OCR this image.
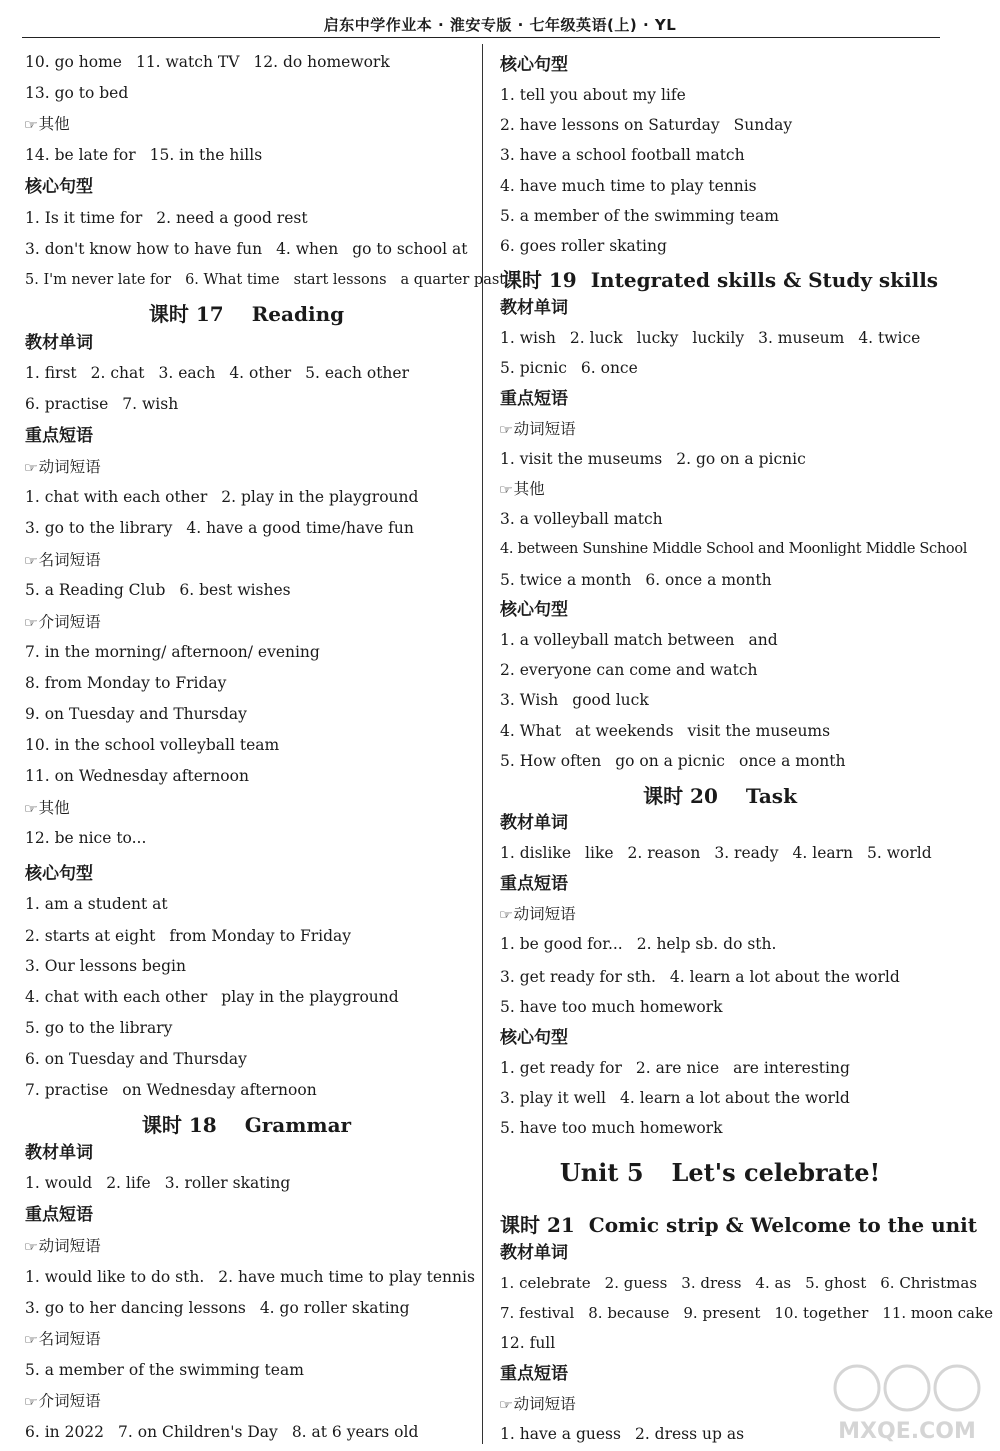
启东中学作业本 · 淮安专版 · 七年级英语(上) · YL
10. go home 11. watch TV 12. do homework
13. go to bed
☞其他
14. be late for 15. in the hills
核心句型
1. Is it time for 2. need a good rest
3. don't know how to have fun 4. when go to school at
5. I'm never late for 6. What time start lessons a quarter past
课时 17 Reading
教材单词
1. first 2. chat 3. each 4. other 5. each other
6. practise 7. wish
重点短语
☞动词短语
1. chat with each other 2. play in the playground
3. go to the library 4. have a good time/have fun
☞名词短语
5. a Reading Club 6. best wishes
☞介词短语
7. in the morning/ afternoon/ evening
8. from Monday to Friday
9. on Tuesday and Thursday
10. in the school volleyball team
11. on Wednesday afternoon
☞其他
12. be nice to...
核心句型
1. am a student at
2. starts at eight from Monday to Friday
3. Our lessons begin
4. chat with each other play in the playground
5. go to the library
6. on Tuesday and Thursday
7. practise on Wednesday afternoon
课时 18 Grammar
教材单词
1. would 2. life 3. roller skating
重点短语
☞动词短语
1. would like to do sth. 2. have much time to play tennis
3. go to her dancing lessons 4. go roller skating
☞名词短语
5. a member of the swimming team
☞介词短语
6. in 2022 7. on Children's Day 8. at 6 years old
核心句型
1. tell you about my life
2. have lessons on Saturday Sunday
3. have a school football match
4. have much time to play tennis
5. a member of the swimming team
6. goes roller skating
课时 19 Integrated skills & Study skills
教材单词
1. wish 2. luck lucky luckily 3. museum 4. twice
5. picnic 6. once
重点短语
☞动词短语
1. visit the museums 2. go on a picnic
☞其他
3. a volleyball match
4. between Sunshine Middle School and Moonlight Middle School
5. twice a month 6. once a month
核心句型
1. a volleyball match between and
2. everyone can come and watch
3. Wish good luck
4. What at weekends visit the museums
5. How often go on a picnic once a month
课时 20 Task
教材单词
1. dislike like 2. reason 3. ready 4. learn 5. world
重点短语
☞动词短语
1. be good for... 2. help sb. do sth.
3. get ready for sth. 4. learn a lot about the world
5. have too much homework
核心句型
1. get ready for 2. are nice are interesting
3. play it well 4. learn a lot about the world
5. have too much homework
Unit 5 Let's celebrate!
课时 21 Comic strip & Welcome to the unit
教材单词
1. celebrate 2. guess 3. dress 4. as 5. ghost 6. Christmas
7. festival 8. because 9. present 10. together 11. moon cake
12. full
重点短语
☞动词短语
1. have a guess 2. dress up as	MXQE.COM
